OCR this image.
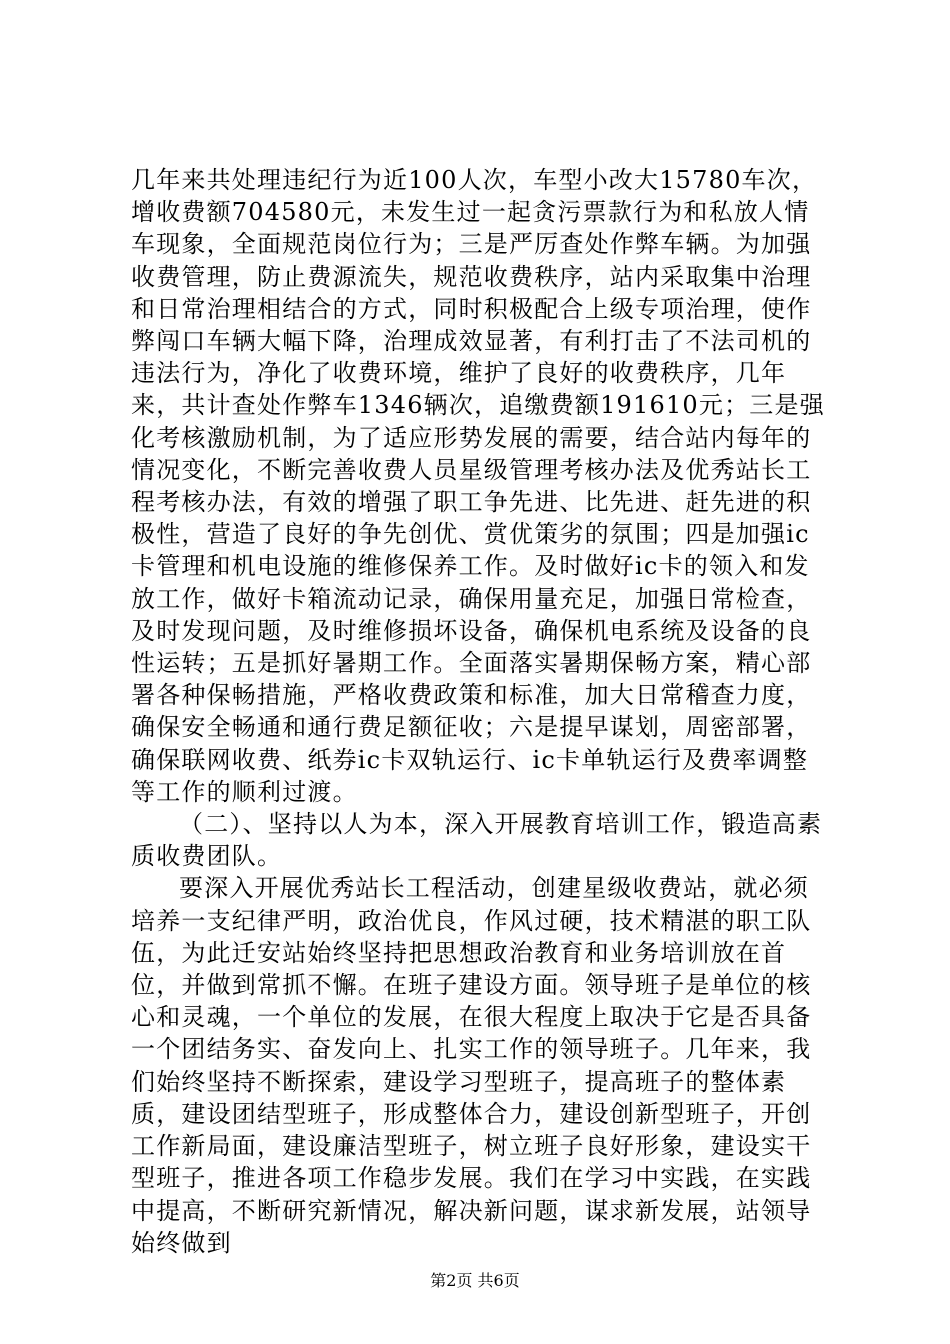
几年来共处理违纪行为近100人次，车型小改大15780车次，增收费额704580元，未发生过一起贪污票款行为和私放人情车现象，全面规范岗位行为；三是严厉查处作弊车辆。为加强收费管理，防止费源流失，规范收费秩序，站内采取集中治理和日常治理相结合的方式，同时积极配合上级专项治理，使作弊闯口车辆大幅下降，治理成效显著，有利打击了不法司机的违法行为，净化了收费环境，维护了良好的收费秩序，几年来，共计查处作弊车1346辆次，追缴费额191610元；三是强化考核激励机制，为了适应形势发展的需要，结合站内每年的情况变化，不断完善收费人员星级管理考核办法及优秀站长工程考核办法，有效的增强了职工争先进、比先进、赶先进的积极性，营造了良好的争先创优、赏优策劣的氛围；四是加强ic卡管理和机电设施的维修保养工作。及时做好ic卡的领入和发放工作，做好卡箱流动记录，确保用量充足，加强日常检查，及时发现问题，及时维修损坏设备，确保机电系统及设备的良性运转；五是抓好暑期工作。全面落实暑期保畅方案，精心部署各种保畅措施，严格收费政策和标准，加大日常稽查力度，确保安全畅通和通行费足额征收；六是提早谋划，周密部署，确保联网收费、纸券ic卡双轨运行、ic卡单轨运行及费率调整等工作的顺利过渡。

（二）、坚持以人为本，深入开展教育培训工作，锻造高素质收费团队。

要深入开展优秀站长工程活动，创建星级收费站，就必须培养一支纪律严明，政治优良，作风过硬，技术精湛的职工队伍，为此迁安站始终坚持把思想政治教育和业务培训放在首位，并做到常抓不懈。在班子建设方面。领导班子是单位的核心和灵魂，一个单位的发展，在很大程度上取决于它是否具备一个团结务实、奋发向上、扎实工作的领导班子。几年来，我们始终坚持不断探索，建设学习型班子，提高班子的整体素质，建设团结型班子，形成整体合力，建设创新型班子，开创工作新局面，建设廉洁型班子，树立班子良好形象，建设实干型班子，推进各项工作稳步发展。我们在学习中实践，在实践中提高，不断研究新情况，解决新问题，谋求新发展，站领导始终做到

第2页 共6页
